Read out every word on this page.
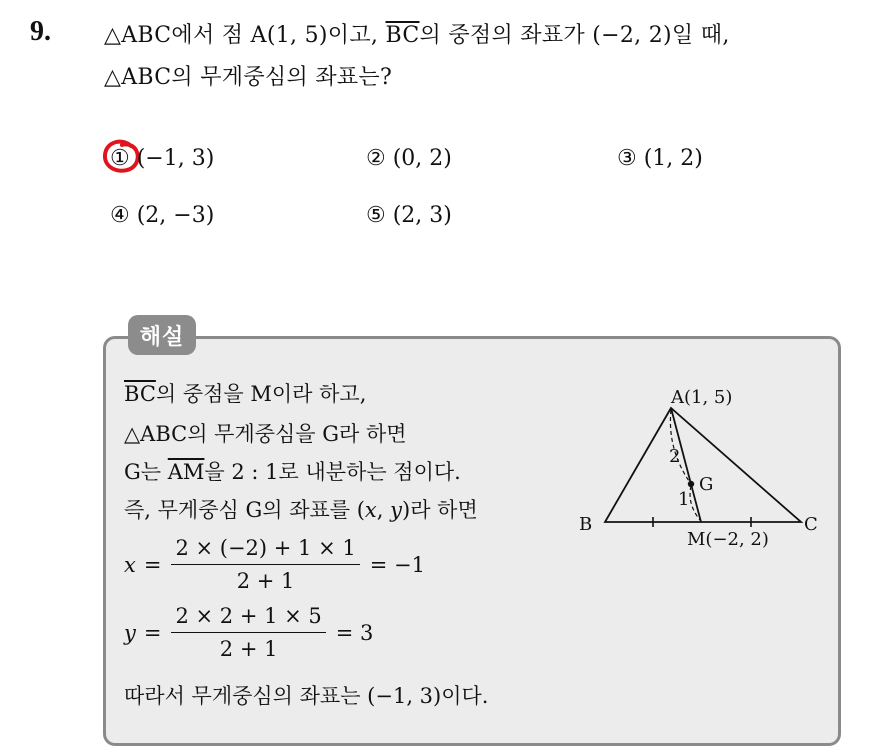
9. △ABC에서 점 A(1, 5)이고, $\overline{BC}$의 중점의 좌표가 (−2, 2)일 때,
△ABC의 무게중심의 좌표는?
① (−1, 3)	② (0, 2)	③ (1, 2)
④ (2, −3)	⑤ (2, 3)
해설
$\overline{BC}$의 중점을 M이라 하고,
△ABC의 무게중심을 G라 하면
G는 $\overline{AM}$을 2 : 1로 내분하는 점이다.
즉, 무게중심 G의 좌표를 (x, y)라 하면
$x = \frac{2 \times (-2) + 1 \times 1}{2 + 1} = -1$
$y = \frac{2 \times 2 + 1 \times 5}{2 + 1} = 3$
따라서 무게중심의 좌표는 (−1, 3)이다.
A(1, 5)
B	C
M(−2, 2)
G
2
1
